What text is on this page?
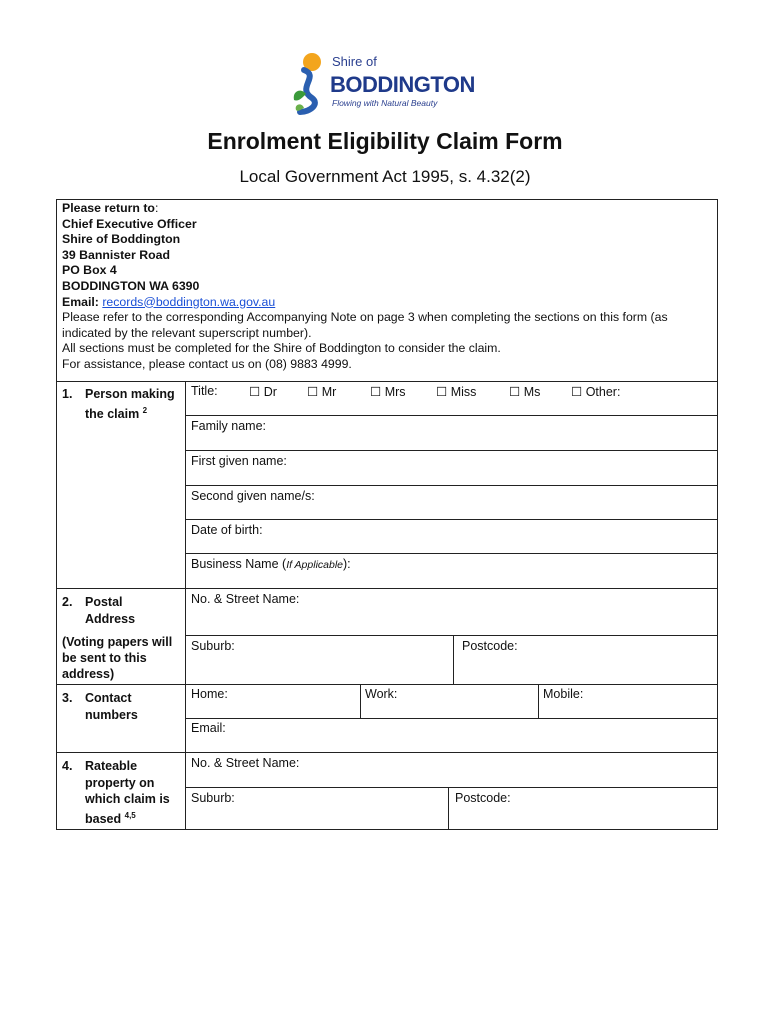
Shire of
BODDINGTON
Flowing with Natural Beauty
Enrolment Eligibility Claim Form
Local Government Act 1995, s. 4.32(2)
Please return to:
Chief Executive Officer
Shire of Boddington
39 Bannister Road
PO Box 4
BODDINGTON WA 6390
Email: records@boddington.wa.gov.au
Please refer to the corresponding Accompanying Note on page 3 when completing the sections on this form (as indicated by the relevant superscript number).
All sections must be completed for the Shire of Boddington to consider the claim.
For assistance, please contact us on (08) 9883 4999.
1. Person making the claim $^2$
Title:	☐ Dr ☐ Mr	☐ Mrs ☐ Miss	☐ Ms ☐ Other:
Family name:
First given name:
Second given name/s:
Date of birth:
Business Name (If Applicable):
2. Postal Address
(Voting papers will be sent to this address)
No. & Street Name:
Suburb:	Postcode:
3. Contact numbers
Home:	Work:	Mobile:
Email:
4. Rateable property on which claim is based $^{4,5}$
No. & Street Name:
Suburb:	Postcode:
